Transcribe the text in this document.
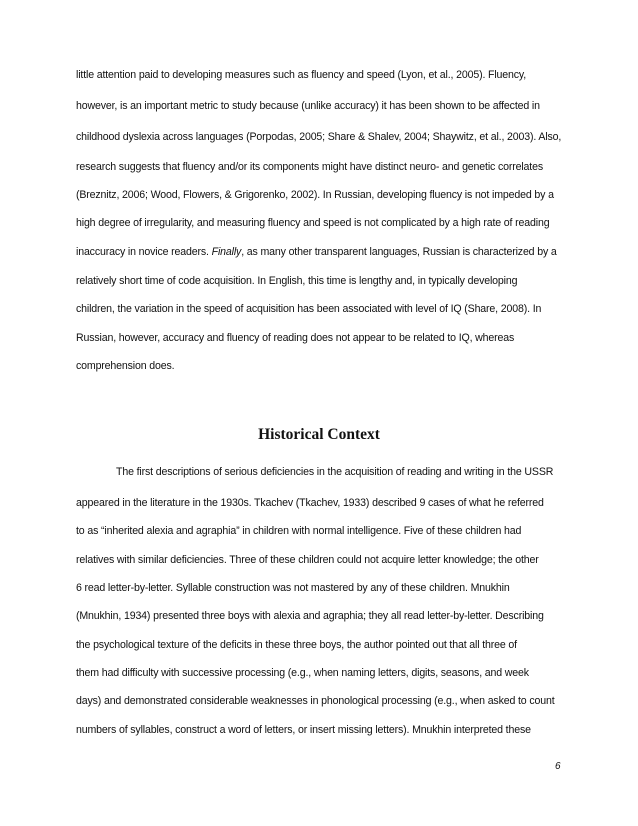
little attention paid to developing measures such as fluency and speed (Lyon, et al., 2005). Fluency,
however, is an important metric to study because (unlike accuracy) it has been shown to be affected in
childhood dyslexia across languages (Porpodas, 2005; Share & Shalev, 2004; Shaywitz, et al., 2003). Also,
research suggests that fluency and/or its components might have distinct neuro- and genetic correlates
(Breznitz, 2006; Wood, Flowers, & Grigorenko, 2002). In Russian, developing fluency is not impeded by a
high degree of irregularity, and measuring fluency and speed is not complicated by a high rate of reading
inaccuracy in novice readers. Finally, as many other transparent languages, Russian is characterized by a
relatively short time of code acquisition. In English, this time is lengthy and, in typically developing
children, the variation in the speed of acquisition has been associated with level of IQ (Share, 2008). In
Russian, however, accuracy and fluency of reading does not appear to be related to IQ, whereas
comprehension does.
Historical Context
The first descriptions of serious deficiencies in the acquisition of reading and writing in the USSR
appeared in the literature in the 1930s. Tkachev (Tkachev, 1933) described 9 cases of what he referred
to as “inherited alexia and agraphia” in children with normal intelligence. Five of these children had
relatives with similar deficiencies. Three of these children could not acquire letter knowledge; the other
6 read letter-by-letter. Syllable construction was not mastered by any of these children. Mnukhin
(Mnukhin, 1934) presented three boys with alexia and agraphia; they all read letter-by-letter. Describing
the psychological texture of the deficits in these three boys, the author pointed out that all three of
them had difficulty with successive processing (e.g., when naming letters, digits, seasons, and week
days) and demonstrated considerable weaknesses in phonological processing (e.g., when asked to count
numbers of syllables, construct a word of letters, or insert missing letters). Mnukhin interpreted these
6
